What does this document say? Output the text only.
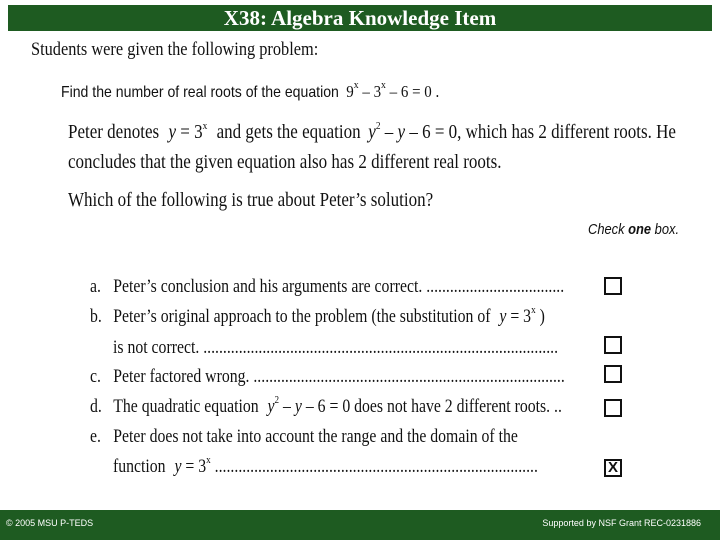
X38: Algebra Knowledge Item
Students were given the following problem:
Find the number of real roots of the equation 9$^x$ – 3$^x$ – 6 = 0 .
Peter denotes $y = 3^x$ and gets the equation $y^2 - y - 6 = 0$, which has 2 different roots. He
concludes that the given equation also has 2 different real roots.
Which of the following is true about Peter’s solution?
Check one box.
a. Peter’s conclusion and his arguments are correct. ...................................
b. Peter’s original approach to the problem (the substitution of $y = 3^x$ )
is not correct. ..........................................................................................
c. Peter factored wrong. ...............................................................................
d. The quadratic equation $y^2 - y - 6 = 0$ does not have 2 different roots. ..
e. Peter does not take into account the range and the domain of the
function $y = 3^x$ ..................................................................................	X
© 2005 MSU P-TEDS	Supported by NSF Grant REC-0231886
